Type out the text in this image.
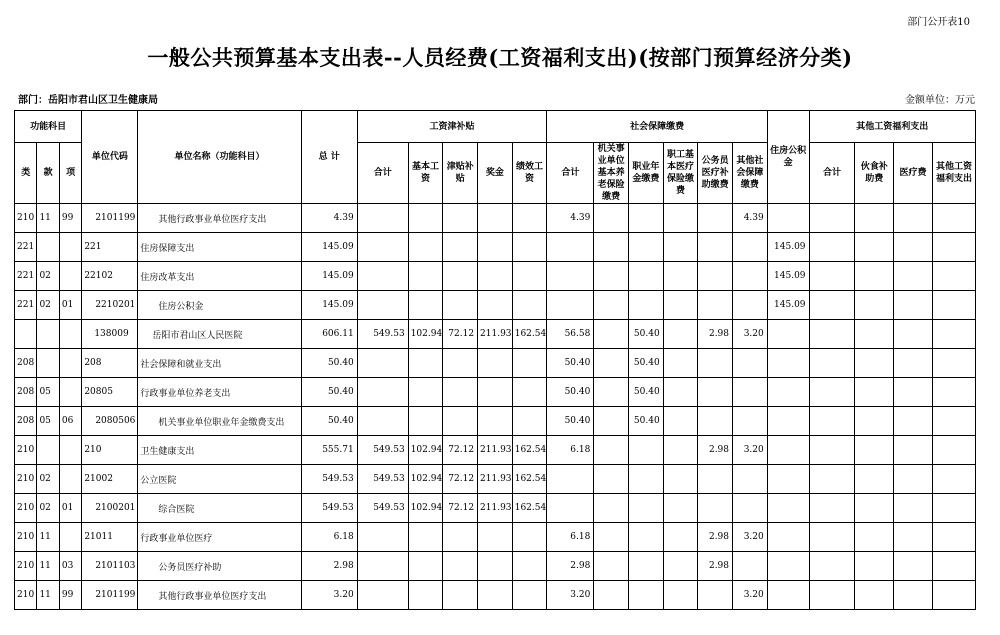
部门公开表10
一般公共预算基本支出表--人员经费(工资福利支出)(按部门预算经济分类)
部门：岳阳市君山区卫生健康局	金额单位：万元
功能科目			单位代码	单位名称（功能科目）	总 计	工资津补贴					社会保障缴费						住房公积金	其他工资福利支出			
类	款	项				合计	基本工资	津贴补贴	奖金	绩效工资	合计	机关事业单位基本养老保险缴费	职业年金缴费	职工基本医疗保险缴费	公务员医疗补助缴费	其他社会保障缴费		合计	伙食补助费	医疗费	其他工资福利支出
210	11	99	2101199	其他行政事业单位医疗支出	4.39						4.39					4.39					
221			221	住房保障支出	145.09												145.09				
221	02		22102	住房改革支出	145.09												145.09				
221	02	01	2210201	住房公积金	145.09												145.09				
			138009	岳阳市君山区人民医院	606.11	549.53	102.94	72.12	211.93	162.54	56.58		50.40		2.98	3.20					
208			208	社会保障和就业支出	50.40						50.40		50.40								
208	05		20805	行政事业单位养老支出	50.40						50.40		50.40								
208	05	06	2080506	机关事业单位职业年金缴费支出	50.40						50.40		50.40								
210			210	卫生健康支出	555.71	549.53	102.94	72.12	211.93	162.54	6.18				2.98	3.20					
210	02		21002	公立医院	549.53	549.53	102.94	72.12	211.93	162.54											
210	02	01	2100201	综合医院	549.53	549.53	102.94	72.12	211.93	162.54											
210	11		21011	行政事业单位医疗	6.18						6.18				2.98	3.20					
210	11	03	2101103	公务员医疗补助	2.98						2.98				2.98						
210	11	99	2101199	其他行政事业单位医疗支出	3.20						3.20					3.20					
